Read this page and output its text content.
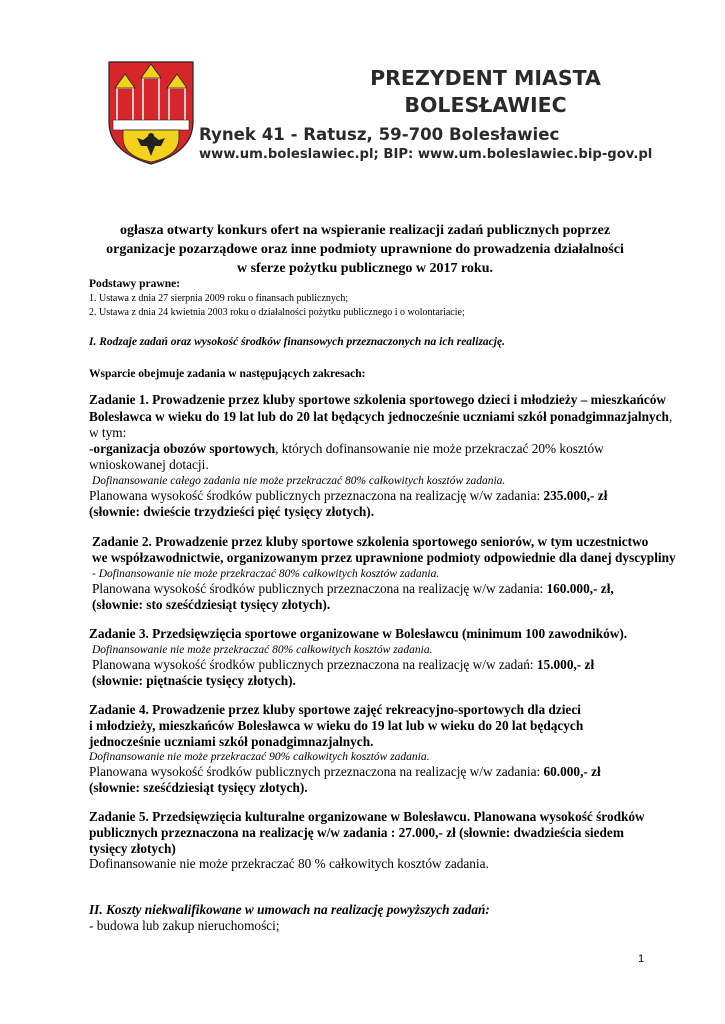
PREZYDENT MIASTA
BOLESŁAWIEC
Rynek 41 - Ratusz, 59-700 Bolesławiec
www.um.boleslawiec.pl; BIP: www.um.boleslawiec.bip-gov.pl
ogłasza otwarty konkurs ofert na wspieranie realizacji zadań publicznych poprzez
organizacje pozarządowe oraz inne podmioty uprawnione do prowadzenia działalności
w sferze pożytku publicznego w 2017 roku.
Podstawy prawne:
1. Ustawa z dnia 27 sierpnia 2009 roku o finansach publicznych;
2. Ustawa z dnia 24 kwietnia 2003 roku o działalności pożytku publicznego i o wolontariacie;
I. Rodzaje zadań oraz wysokość środków finansowych przeznaczonych na ich realizację.
Wsparcie obejmuje zadania w następujących zakresach:
Zadanie 1. Prowadzenie przez kluby sportowe szkolenia sportowego dzieci i młodzieży – mieszkańców
Bolesławca w wieku do 19 lat lub do 20 lat będących jednocześnie uczniami szkół ponadgimnazjalnych,
w tym:
-organizacja obozów sportowych, których dofinansowanie nie może przekraczać 20% kosztów
wnioskowanej dotacji.
Dofinansowanie całego zadania nie może przekraczać 80% całkowitych kosztów zadania.
Planowana wysokość środków publicznych przeznaczona na realizację w/w zadania: 235.000,- zł
(słownie: dwieście trzydzieści pięć tysięcy złotych).
Zadanie 2. Prowadzenie przez kluby sportowe szkolenia sportowego seniorów, w tym uczestnictwo
we współzawodnictwie, organizowanym przez uprawnione podmioty odpowiednie dla danej dyscypliny
- Dofinansowanie nie może przekraczać 80% całkowitych kosztów zadania.
Planowana wysokość środków publicznych przeznaczona na realizację w/w zadania: 160.000,- zł,
(słownie: sto sześćdziesiąt tysięcy złotych).
Zadanie 3. Przedsięwzięcia sportowe organizowane w Bolesławcu (minimum 100 zawodników).
Dofinansowanie nie może przekraczać 80% całkowitych kosztów zadania.
Planowana wysokość środków publicznych przeznaczona na realizację w/w zadań: 15.000,- zł
(słownie: piętnaście tysięcy złotych).
Zadanie 4. Prowadzenie przez kluby sportowe zajęć rekreacyjno-sportowych dla dzieci
i młodzieży, mieszkańców Bolesławca w wieku do 19 lat lub w wieku do 20 lat będących
jednocześnie uczniami szkół ponadgimnazjalnych.
Dofinansowanie nie może przekraczać 90% całkowitych kosztów zadania.
Planowana wysokość środków publicznych przeznaczona na realizację w/w zadania: 60.000,- zł
(słownie: sześćdziesiąt tysięcy złotych).
Zadanie 5. Przedsięwzięcia kulturalne organizowane w Bolesławcu. Planowana wysokość środków
publicznych przeznaczona na realizację w/w zadania : 27.000,- zł (słownie: dwadzieścia siedem
tysięcy złotych)
Dofinansowanie nie może przekraczać 80 % całkowitych kosztów zadania.
II. Koszty niekwalifikowane w umowach na realizację powyższych zadań:
- budowa lub zakup nieruchomości;
1
